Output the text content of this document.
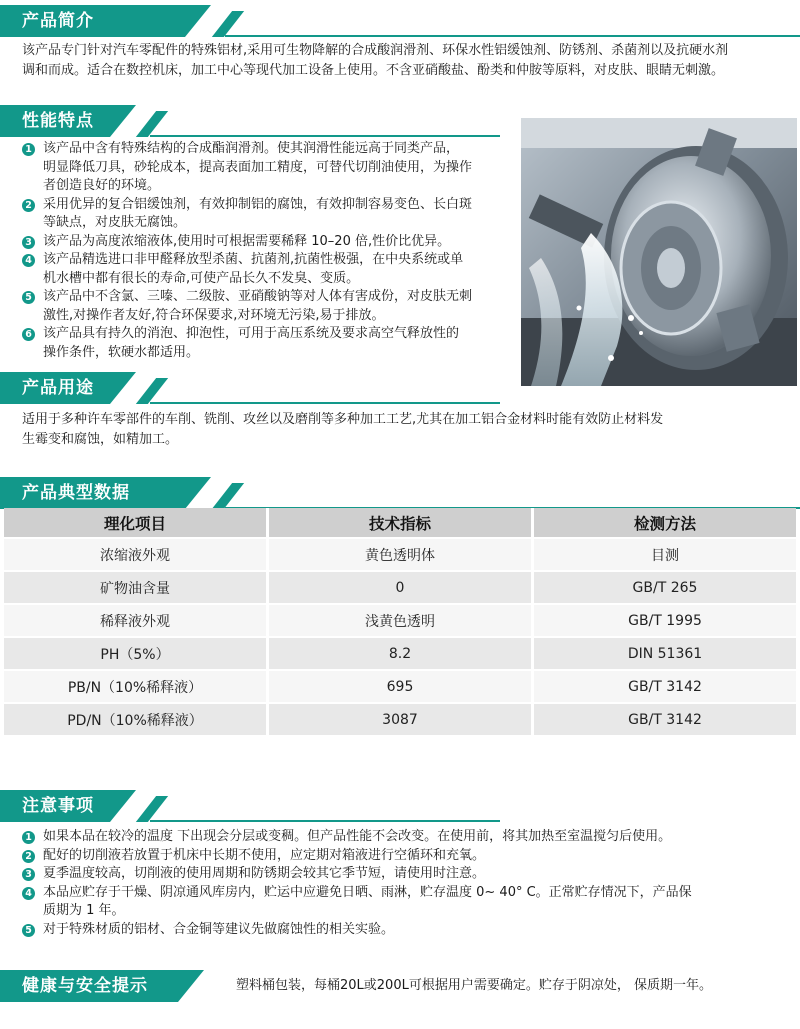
产品简介
该产品专门针对汽车零配件的特殊铝材,采用可生物降解的合成酸润滑剂、环保水性铝缓蚀剂、防锈剂、杀菌剂以及抗硬水剂
调和而成。适合在数控机床，加工中心等现代加工设备上使用。不含亚硝酸盐、酚类和仲胺等原料，对皮肤、眼睛无刺激。
性能特点
1 该产品中含有特殊结构的合成酯润滑剂。使其润滑性能远高于同类产品，
明显降低刀具，砂轮成本，提高表面加工精度，可替代切削油使用，为操作
者创造良好的环境。
2 采用优异的复合铝缓蚀剂，有效抑制铝的腐蚀，有效抑制容易变色、长白斑
等缺点，对皮肤无腐蚀。
3 该产品为高度浓缩液体,使用时可根据需要稀释 10–20 倍,性价比优异。
4 该产品精选进口非甲醛释放型杀菌、抗菌剂,抗菌性极强，在中央系统或单
机水槽中都有很长的寿命,可使产品长久不发臭、变质。
5 该产品中不含氯、三嗪、二级胺、亚硝酸钠等对人体有害成份，对皮肤无刺
激性,对操作者友好,符合环保要求,对环境无污染,易于排放。
6 该产品具有持久的消泡、抑泡性，可用于高压系统及要求高空气释放性的
操作条件，软硬水都适用。
产品用途
适用于多种许车零部件的车削、铣削、攻丝以及磨削等多种加工工艺,尤其在加工铝合金材料时能有效防止材料发
生霉变和腐蚀，如精加工。
产品典型数据
理化项目	技术指标	检测方法
浓缩液外观	黄色透明体	目测
矿物油含量	0	GB/T 265
稀释液外观	浅黄色透明	GB/T 1995
PH（5%）	8.2	DIN 51361
PB/N（10%稀释液）	695	GB/T 3142
PD/N（10%稀释液）	3087	GB/T 3142
注意事项
1 如果本品在较冷的温度 下出现会分层或变稠。但产品性能不会改变。在使用前，将其加热至室温搅匀后使用。
2 配好的切削液若放置于机床中长期不使用，应定期对箱液进行空循环和充氧。
3 夏季温度较高，切削液的使用周期和防锈期会较其它季节短，请使用时注意。
4 本品应贮存于干燥、阴凉通风库房内，贮运中应避免日晒、雨淋，贮存温度 0~ 40° C。正常贮存情况下，产品保
质期为 1 年。
5 对于特殊材质的铝材、合金铜等建议先做腐蚀性的相关实验。
健康与安全提示	塑料桶包装，每桶20L或200L可根据用户需要确定。贮存于阴凉处， 保质期一年。
